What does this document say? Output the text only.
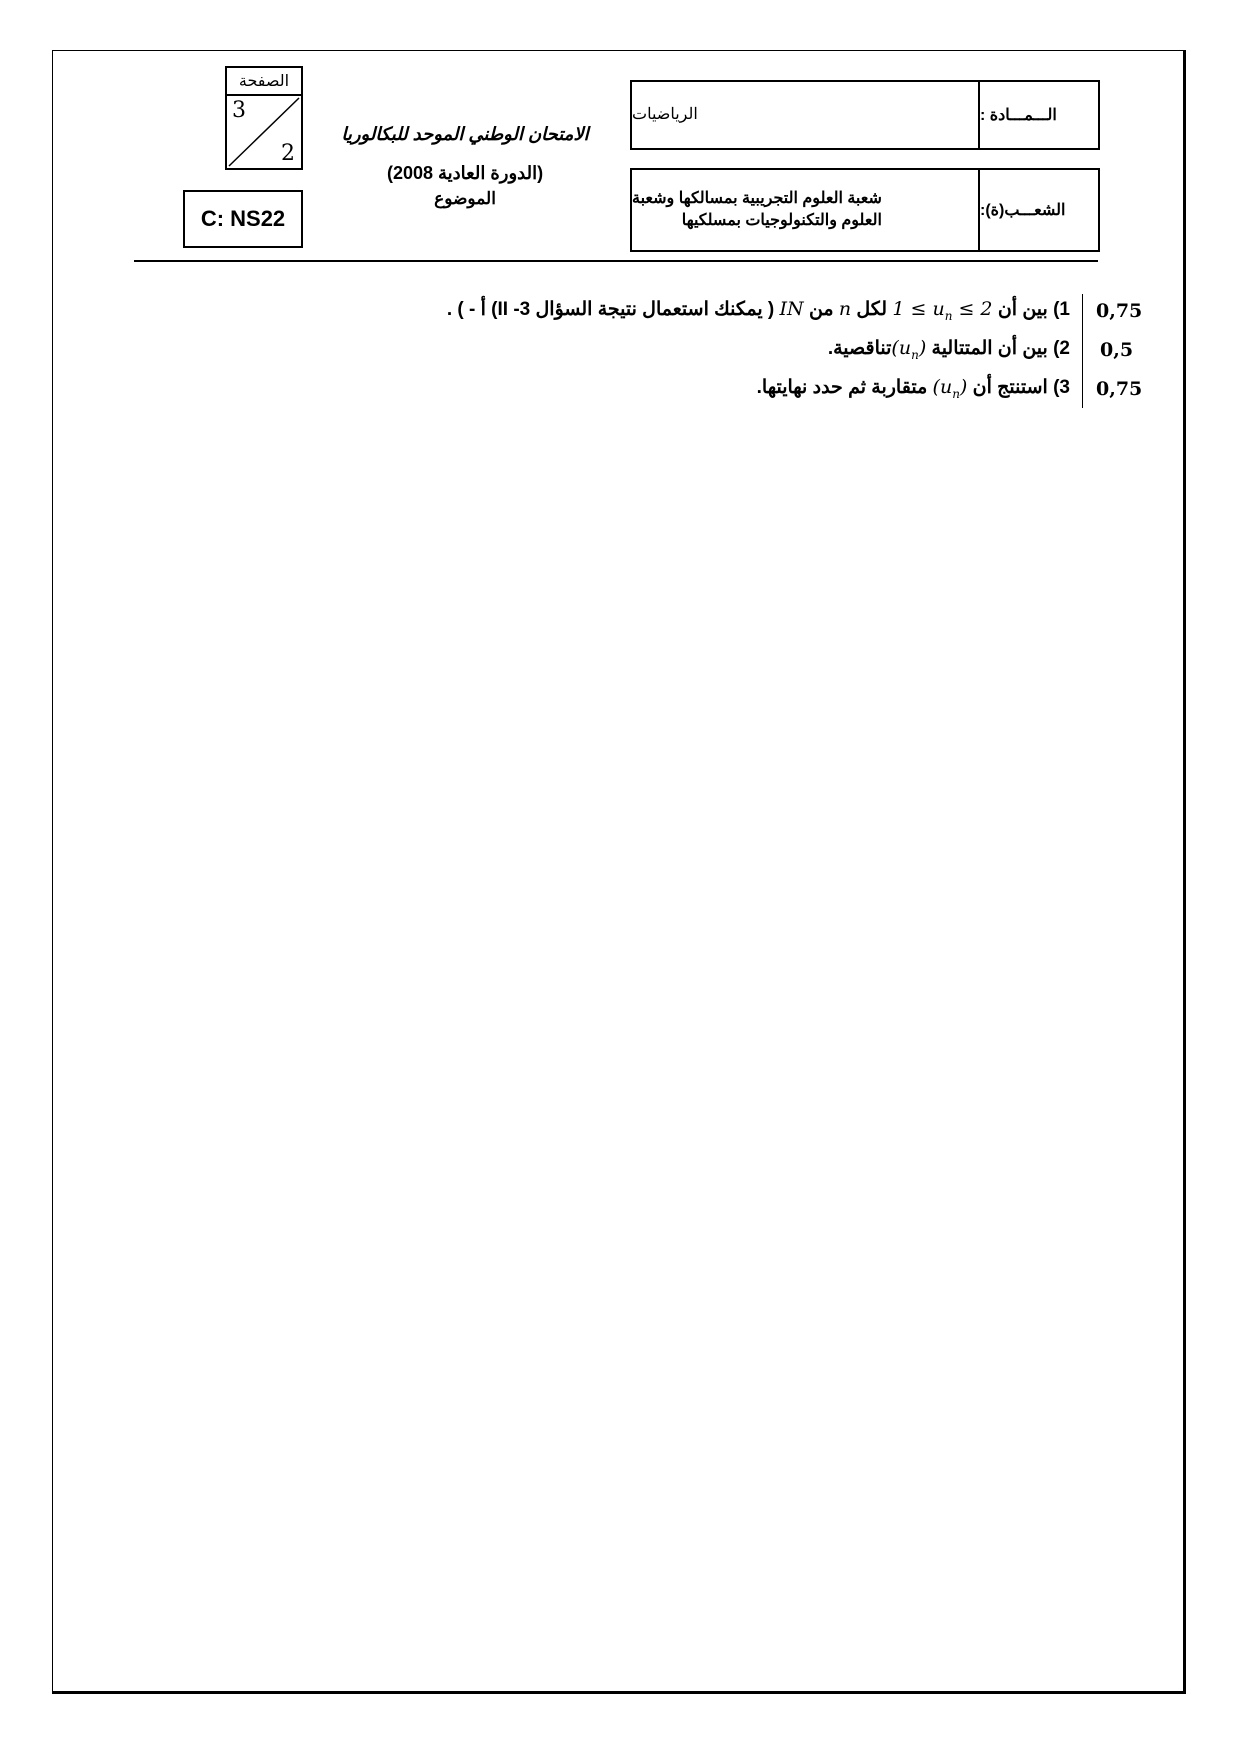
الصفحة
3
2
C: NS22
الامتحان الوطني الموحد للبكالوريا
(الدورة العادية 2008)
الموضوع
الرياضيات	الـــمـــادة :
شعبة العلوم التجريبية بمسالكها وشعبة
العلوم والتكنولوجيات بمسلكيها
الشعـــب(ة):
0,75
1) بين أن $1 \le u_n \le 2$ لكل n من IN ( يمكنك استعمال نتيجة السؤال II -3) أ - ) .
0,5
2) بين أن المتتالية $(u_n)تناقصية$.
0,75
3) استنتج أن $(u_n)$ متقاربة ثم حدد نهايتها.
